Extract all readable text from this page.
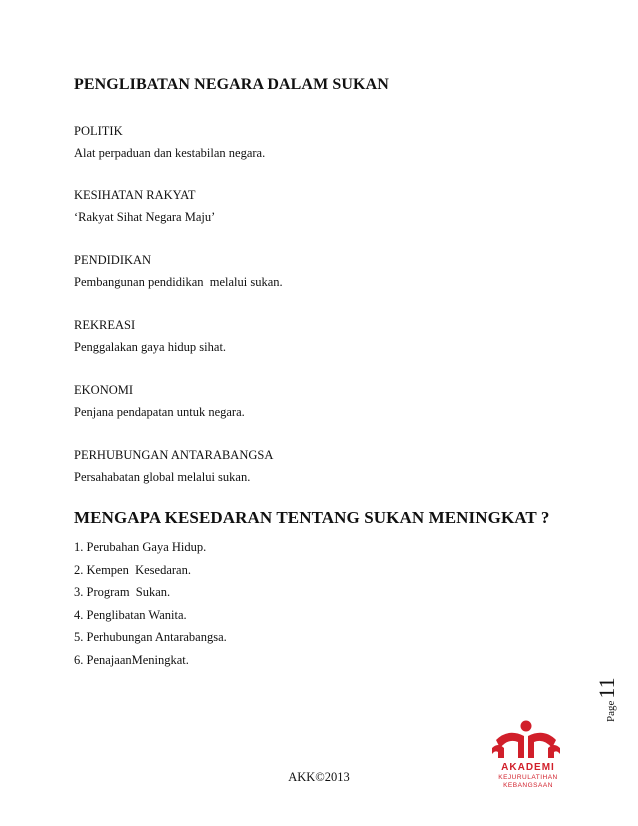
PENGLIBATAN NEGARA DALAM SUKAN
POLITIK
Alat perpaduan dan kestabilan negara.
KESIHATAN RAKYAT
‘Rakyat Sihat Negara Maju’
PENDIDIKAN
Pembangunan pendidikan  melalui sukan.
REKREASI
Penggalakan gaya hidup sihat.
EKONOMI
Penjana pendapatan untuk negara.
PERHUBUNGAN ANTARABANGSA
Persahabatan global melalui sukan.
MENGAPA KESEDARAN TENTANG SUKAN MENINGKAT ?
1. Perubahan Gaya Hidup.
2. Kempen  Kesedaran.
3. Program  Sukan.
4. Penglibatan Wanita.
5. Perhubungan Antarabangsa.
6. PenajaanMeningkat.
Page
11
AKADEMI
KEJURULATIHAN
KEBANGSAAN
AKK©2013
